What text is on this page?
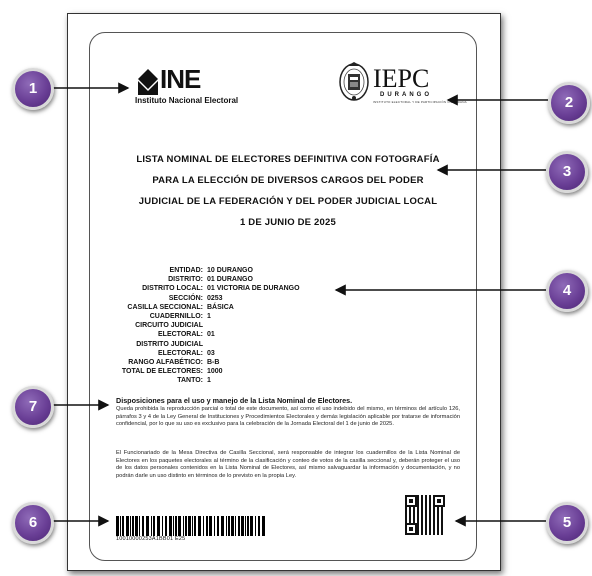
INE
Instituto Nacional Electoral
IEPC
DURANGO
INSTITUTO ELECTORAL Y DE PARTICIPACIÓN CIUDADANA
LISTA NOMINAL DE ELECTORES DEFINITIVA CON FOTOGRAFÍA
PARA LA ELECCIÓN DE DIVERSOS CARGOS DEL PODER
JUDICIAL DE LA FEDERACIÓN Y DEL PODER JUDICIAL LOCAL
1 DE JUNIO DE 2025
ENTIDAD: 10 DURANGO
DISTRITO: 01 DURANGO
DISTRITO LOCAL: 01 VICTORIA DE DURANGO
SECCIÓN: 0253
CASILLA SECCIONAL: BÁSICA
CUADERNILLO: 1
CIRCUITO JUDICIAL
ELECTORAL: 01
DISTRITO JUDICIAL
ELECTORAL: 03
RANGO ALFABÉTICO: B-B
TOTAL DE ELECTORES: 1000
TANTO: 1
Disposiciones para el uso y manejo de la Lista Nominal de Electores.
Queda prohibida la reproducción parcial o total de este documento, así como el uso indebido del mismo, en términos del artículo 126, párrafos 3 y 4 de la Ley General de Instituciones y Procedimientos Electorales y demás legislación aplicable por tratarse de información confidencial, por lo que su uso es exclusivo para la celebración de la Jornada Electoral del 1 de junio de 2025.
El Funcionariado de la Mesa Directiva de Casilla Seccional, será responsable de integrar los cuadernillos de la Lista Nominal de Electores en los paquetes electorales al término de la clasificación y conteo de votos de la casilla seccional y, deberán proteger el uso de los datos personales contenidos en la Lista Nominal de Electores, así mismo salvaguardar la información y documentación, y no podrán darle un uso distinto en términos de lo previsto en la propia Ley.
10010000253A1BB01 E25
1
2
3
4
5
6
7
